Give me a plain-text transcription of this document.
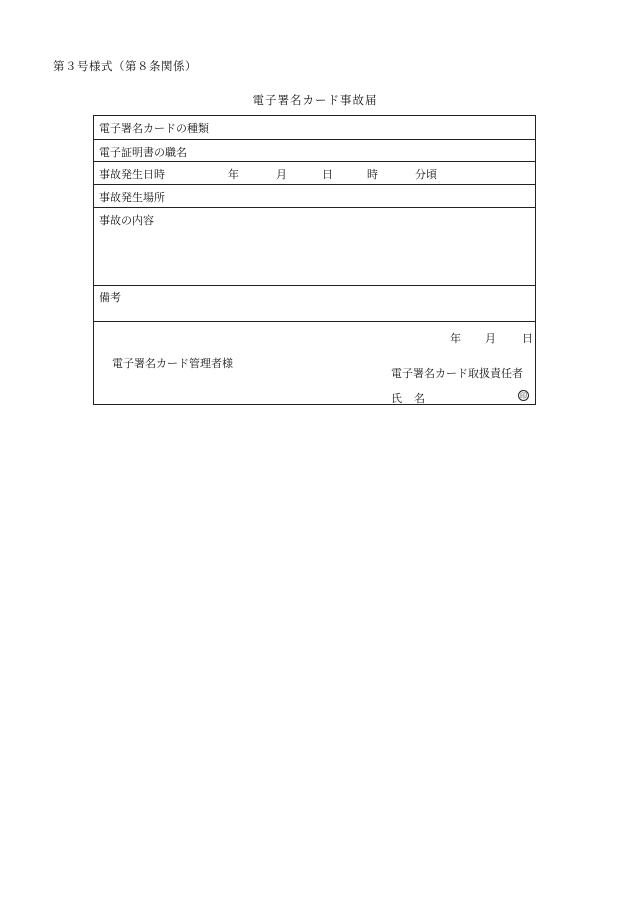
第３号様式（第８条関係）
電子署名カード事故届
電子署名カードの種類
電子証明書の職名
事故発生日時	年	月	日	時	分頃
事故発生場所
事故の内容
備考
年 月 日
電子署名カード管理者様
電子署名カード取扱責任者
氏名	印
